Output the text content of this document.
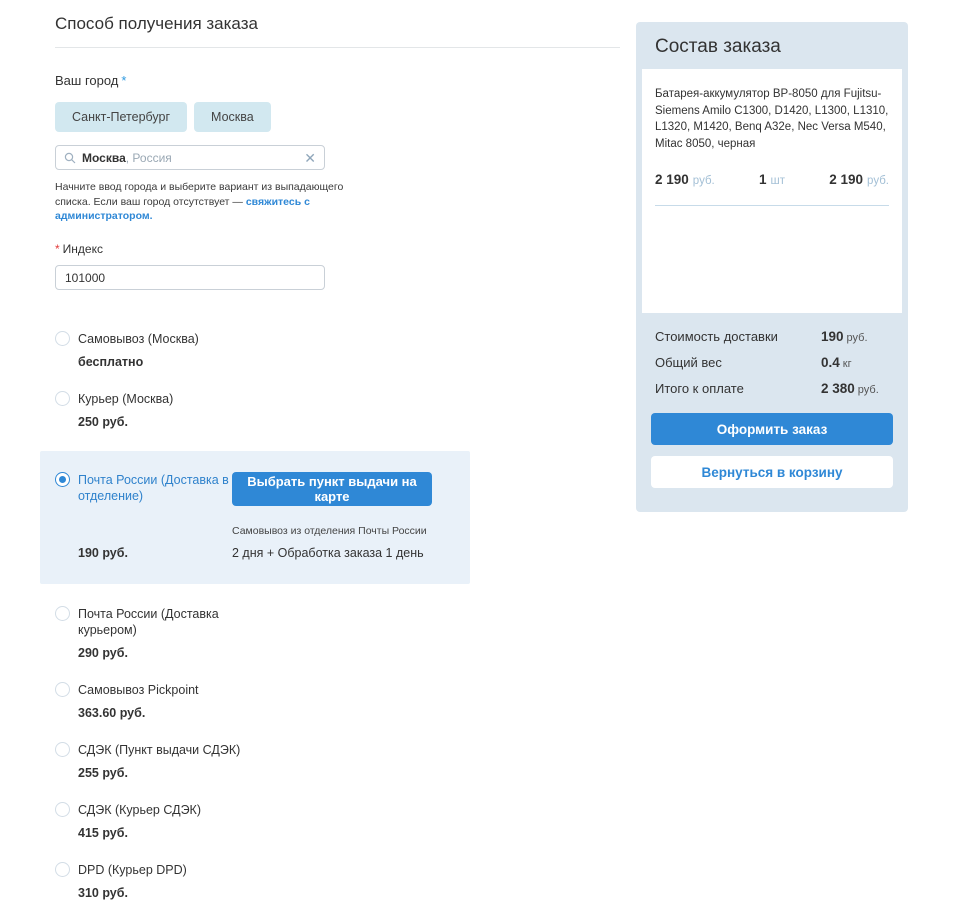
Способ получения заказа
Ваш город *
Санкт-Петербург	Москва
Москва , Россия	✕
Начните ввод города и выберите вариант из выпадающего списка. Если ваш город отсутствует — свяжитесь с администратором.
* Индекс
101000
Самовывоз (Москва)
бесплатно
Курьер (Москва)
250 руб.
Почта России (Доставка в отделение)
Выбрать пункт выдачи на карте
190 руб.
Самовывоз из отделения Почты России
2 дня + Обработка заказа 1 день
Почта России (Доставка курьером)
290 руб.
Самовывоз Pickpoint
363.60 руб.
СДЭК (Пункт выдачи СДЭК)
255 руб.
СДЭК (Курьер СДЭК)
415 руб.
DPD (Курьер DPD)
310 руб.
Состав заказа
Батарея-аккумулятор BP-8050 для Fujitsu-Siemens Amilo C1300, D1420, L1300, L1310, L1320, M1420, Benq A32e, Nec Versa M540, Mitac 8050, черная
2 190 руб.	1 шт	2 190 руб.
Стоимость доставки	190 руб.
Общий вес	0.4 кг
Итого к оплате	2 380 руб.
Оформить заказ
Вернуться в корзину
